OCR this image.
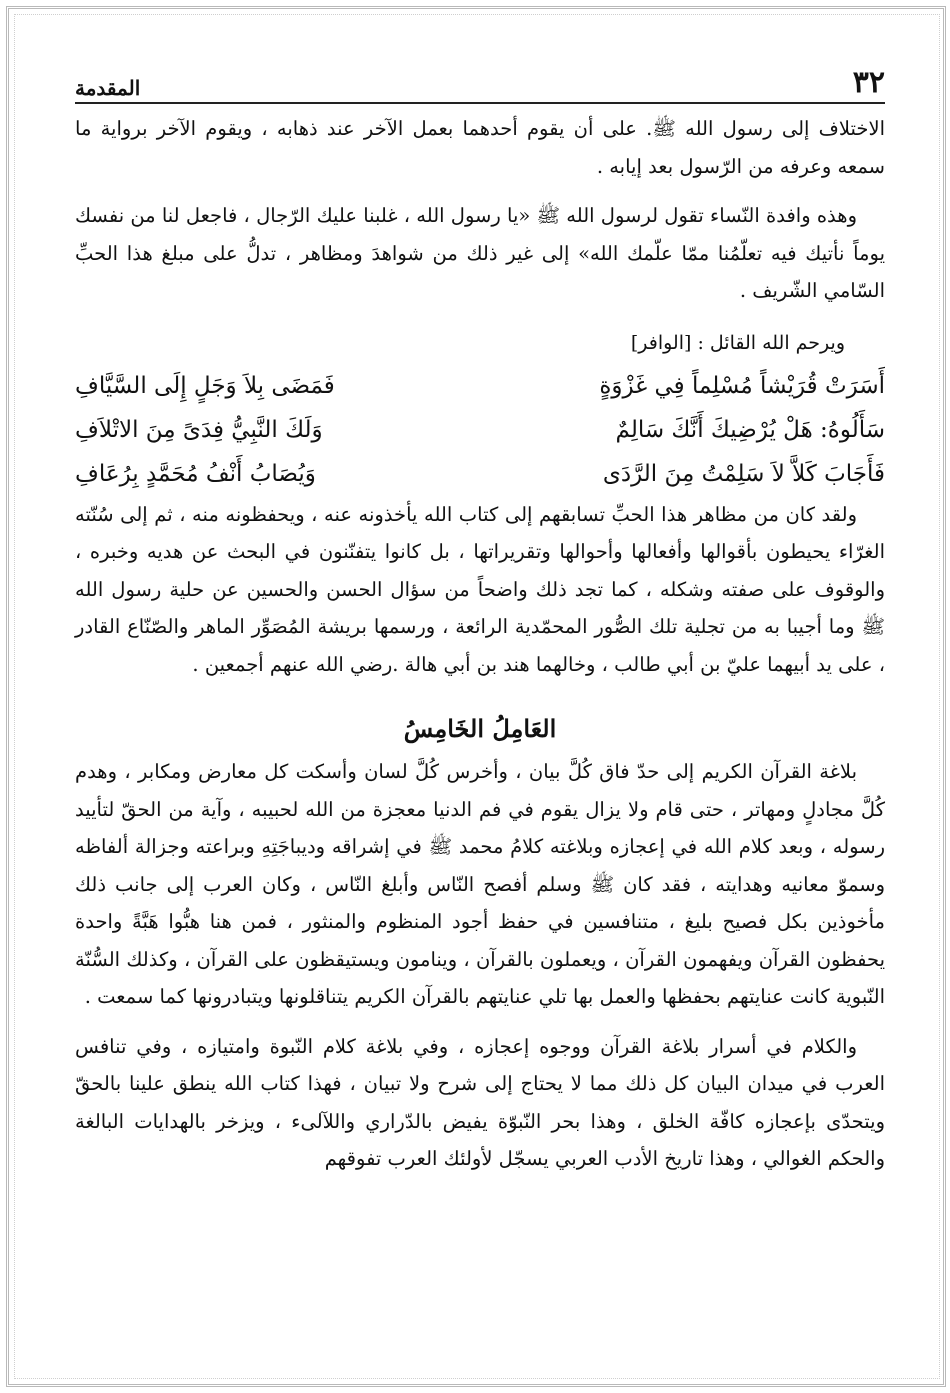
٣٢
المقدمة

الاختلاف إلى رسول الله ﷺ. على أن يقوم أحدهما بعمل الآخر عند ذهابه ، ويقوم الآخر برواية ما سمعه وعرفه من الرّسول بعد إيابه .

وهذه وافدة النّساء تقول لرسول الله ﷺ «يا رسول الله ، غلبنا عليك الرّجال ، فاجعل لنا من نفسك يوماً نأتيك فيه تعلّمُنا ممّا علّمك الله» إلى غير ذلك من شواهدَ ومظاهر ، تدلُّ على مبلغ هذا الحبِّ السّامي الشّريف .

ويرحم الله القائل : [الوافر]
أَسَرَتْ قُرَيْشاً مُسْلِماً فِي غَزْوَةٍ
فَمَضَى بِلاَ وَجَلٍ إِلَى السَّيَّافِ
سَأَلُوهُ: هَلْ يُرْضِيكَ أَنَّكَ سَالِمٌ
وَلَكَ النَّبِيُّ فِدَىً مِنَ الاتْلاَفِ
فَأَجَابَ كَلاَّ لاَ سَلِمْتُ مِنَ الرَّدَى
وَيُصَابُ أَنْفُ مُحَمَّدٍ بِرُعَافِ

ولقد كان من مظاهر هذا الحبِّ تسابقهم إلى كتاب الله يأخذونه عنه ، ويحفظونه منه ، ثم إلى سُنّته الغرّاء يحيطون بأقوالها وأفعالها وأحوالها وتقريراتها ، بل كانوا يتفنّنون في البحث عن هديه وخبره ، والوقوف على صفته وشكله ، كما تجد ذلك واضحاً من سؤال الحسن والحسين عن حلية رسول الله ﷺ وما أجيبا به من تجلية تلك الصُّور المحمّدية الرائعة ، ورسمها بريشة المُصَوِّر الماهر والصّنّاع القادر ، على يد أبيهما عليّ بن أبي طالب ، وخالهما هند بن أبي هالة .رضي الله عنهم أجمعين .

العَامِلُ الخَامِسُ

بلاغة القرآن الكريم إلى حدّ فاق كُلَّ بيان ، وأخرس كُلَّ لسان وأسكت كل معارض ومكابر ، وهدم كُلَّ مجادلٍ ومهاتر ، حتى قام ولا يزال يقوم في فم الدنيا معجزة من الله لحبيبه ، وآية من الحقّ لتأييد رسوله ، وبعد كلام الله في إعجازه وبلاغته كلامُ محمد ﷺ في إشراقه وديباجَتِهِ وبراعته وجزالة ألفاظه وسموّ معانيه وهدايته ، فقد كان ﷺ وسلم أفصح النّاس وأبلغ النّاس ، وكان العرب إلى جانب ذلك مأخوذين بكل فصيح بليغ ، متنافسين في حفظ أجود المنظوم والمنثور ، فمن هنا هبُّوا هَبَّةً واحدة يحفظون القرآن ويفهمون القرآن ، ويعملون بالقرآن ، وينامون ويستيقظون على القرآن ، وكذلك السُّنّة النّبوية كانت عنايتهم بحفظها والعمل بها تلي عنايتهم بالقرآن الكريم يتناقلونها ويتبادرونها كما سمعت .

والكلام في أسرار بلاغة القرآن ووجوه إعجازه ، وفي بلاغة كلام النّبوة وامتيازه ، وفي تنافس العرب في ميدان البيان كل ذلك مما لا يحتاج إلى شرح ولا تبيان ، فهذا كتاب الله ينطق علينا بالحقّ ويتحدّى بإعجازه كافّة الخلق ، وهذا بحر النّبوّة يفيض بالدّراري واللآلىء ، ويزخر بالهدايات البالغة والحكم الغوالي ، وهذا تاريخ الأدب العربي يسجّل لأولئك العرب تفوقهم
